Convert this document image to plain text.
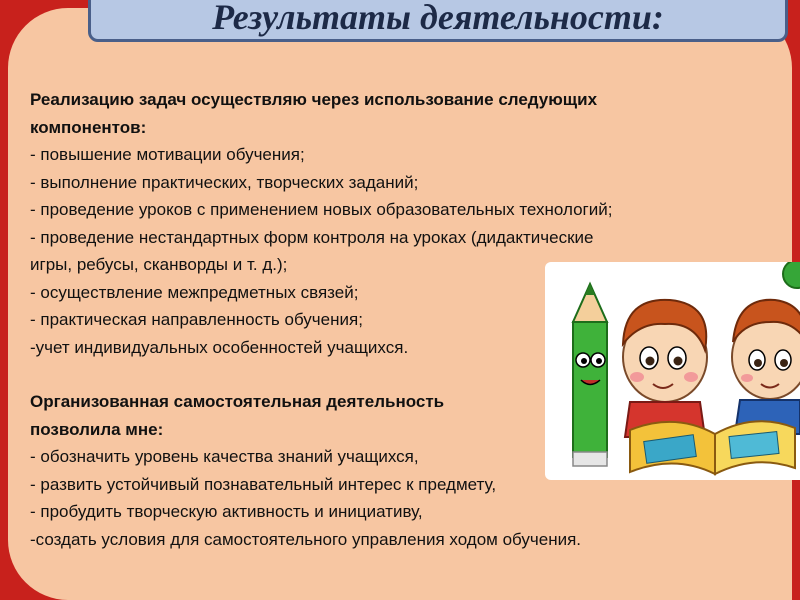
Результаты деятельности:
Реализацию задач осуществляю через использование следующих
компонентов:
- повышение мотивации обучения;
- выполнение практических, творческих заданий;
- проведение уроков с применением новых образовательных технологий;
- проведение нестандартных форм контроля на уроках (дидактические
игры, ребусы, сканворды и т. д.);
- осуществление межпредметных связей;
- практическая направленность обучения;
-учет индивидуальных особенностей учащихся.
Организованная самостоятельная деятельность
позволила мне:
- обозначить уровень качества знаний учащихся,
- развить устойчивый познавательный интерес к предмету,
- пробудить творческую активность и инициативу,
-создать условия для самостоятельного управления ходом обучения.
